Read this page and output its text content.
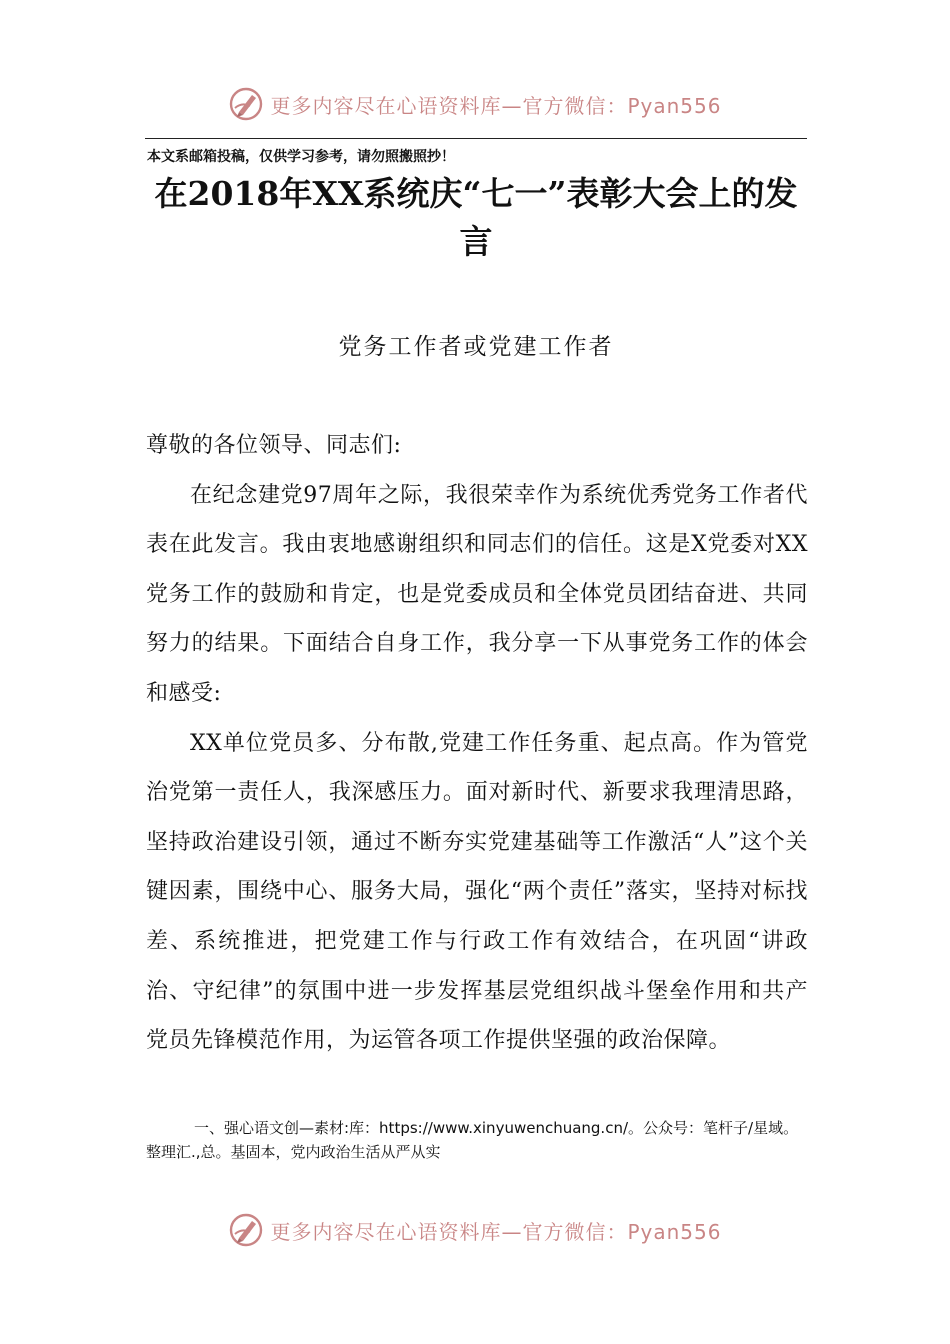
更多内容尽在心语资料库—官方微信：Pyan556
本文系邮箱投稿，仅供学习参考，请勿照搬照抄！
在2018年XX系统庆“七一”表彰大会上的发言
党务工作者或党建工作者

尊敬的各位领导、同志们:

在纪念建党97周年之际，我很荣幸作为系统优秀党务工作者代表在此发言。我由衷地感谢组织和同志们的信任。这是X党委对XX党务工作的鼓励和肯定，也是党委成员和全体党员团结奋进、共同努力的结果。下面结合自身工作，我分享一下从事党务工作的体会和感受:

XX单位党员多、分布散,党建工作任务重、起点高。作为管党治党第一责任人，我深感压力。面对新时代、新要求我理清思路，坚持政治建设引领，通过不断夯实党建基础等工作激活“人”这个关键因素，围绕中心、服务大局，强化“两个责任”落实，坚持对标找差、系统推进，把党建工作与行政工作有效结合，在巩固“讲政治、守纪律”的氛围中进一步发挥基层党组织战斗堡垒作用和共产党员先锋模范作用，为运管各项工作提供坚强的政治保障。

一、强心语文创—素材:库：https://www.xinyuwenchuang.cn/。公众号：笔杆子/星域。整理汇.,总。基固本，党内政治生活从严从实
更多内容尽在心语资料库—官方微信：Pyan556
